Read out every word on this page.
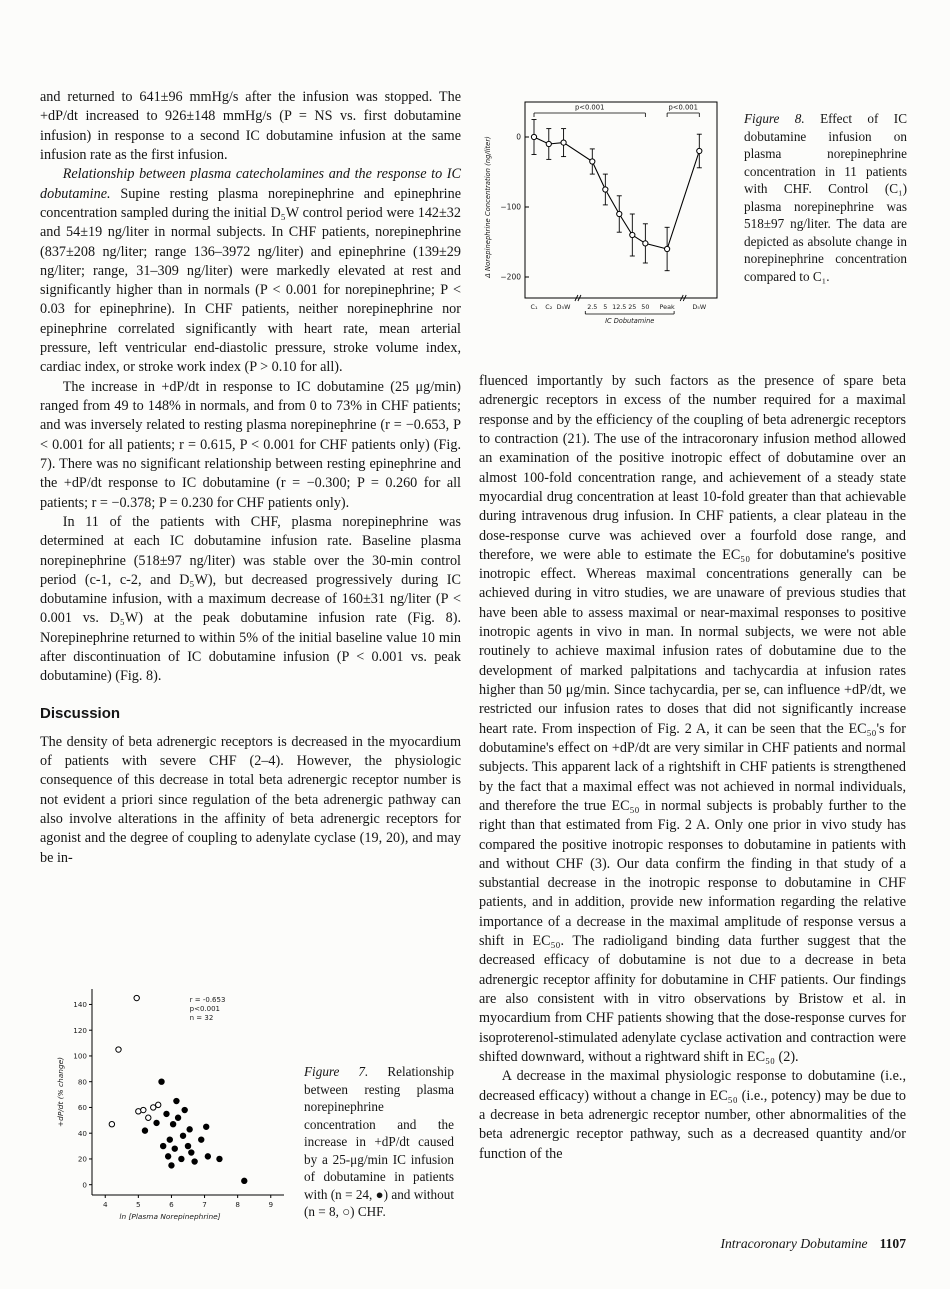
and returned to 641±96 mmHg/s after the infusion was stopped. The +dP/dt increased to 926±148 mmHg/s (P = NS vs. first dobutamine infusion) in response to a second IC dobutamine infusion at the same infusion rate as the first infusion.

Relationship between plasma catecholamines and the response to IC dobutamine. Supine resting plasma norepinephrine and epinephrine concentration sampled during the initial D₅W control period were 142±32 and 54±19 ng/liter in normal subjects. In CHF patients, norepinephrine (837±208 ng/liter; range 136–3972 ng/liter) and epinephrine (139±29 ng/liter; range, 31–309 ng/liter) were markedly elevated at rest and significantly higher than in normals (P < 0.001 for norepinephrine; P < 0.03 for epinephrine). In CHF patients, neither norepinephrine nor epinephrine correlated significantly with heart rate, mean arterial pressure, left ventricular end-diastolic pressure, stroke volume index, cardiac index, or stroke work index (P > 0.10 for all).

The increase in +dP/dt in response to IC dobutamine (25 μg/min) ranged from 49 to 148% in normals, and from 0 to 73% in CHF patients; and was inversely related to resting plasma norepinephrine (r = −0.653, P < 0.001 for all patients; r = 0.615, P < 0.001 for CHF patients only) (Fig. 7). There was no significant relationship between resting epinephrine and the +dP/dt response to IC dobutamine (r = −0.300; P = 0.260 for all patients; r = −0.378; P = 0.230 for CHF patients only).

In 11 of the patients with CHF, plasma norepinephrine was determined at each IC dobutamine infusion rate. Baseline plasma norepinephrine (518±97 ng/liter) was stable over the 30-min control period (c-1, c-2, and D₅W), but decreased progressively during IC dobutamine infusion, with a maximum decrease of 160±31 ng/liter (P < 0.001 vs. D₅W) at the peak dobutamine infusion rate (Fig. 8). Norepinephrine returned to within 5% of the initial baseline value 10 min after discontinuation of IC dobutamine infusion (P < 0.001 vs. peak dobutamine) (Fig. 8).

Discussion

The density of beta adrenergic receptors is decreased in the myocardium of patients with severe CHF (2–4). However, the physiologic consequence of this decrease in total beta adrenergic receptor number is not evident a priori since regulation of the beta adrenergic pathway can also involve alterations in the affinity of beta adrenergic receptors for agonist and the degree of coupling to adenylate cyclase (19, 20), and may be in-

0
−100
−200
Δ Norepinephrine Concentration (ng/liter)
p<0.001	p<0.001
C₁ C₂ D₅W	2.5 5 12.5 25 50 Peak	D₅W
IC Dobutamine
Figure 8. Effect of IC dobutamine infusion on plasma norepinephrine concentration in 11 patients with CHF. Control (C₁) plasma norepinephrine was 518±97 ng/liter. The data are depicted as absolute change in norepinephrine concentration compared to C₁.

fluenced importantly by such factors as the presence of spare beta adrenergic receptors in excess of the number required for a maximal response and by the efficiency of the coupling of beta adrenergic receptors to contraction (21). The use of the intracoronary infusion method allowed an examination of the positive inotropic effect of dobutamine over an almost 100-fold concentration range, and achievement of a steady state myocardial drug concentration at least 10-fold greater than that achievable during intravenous drug infusion. In CHF patients, a clear plateau in the dose-response curve was achieved over a fourfold dose range, and therefore, we were able to estimate the EC₅₀ for dobutamine's positive inotropic effect. Whereas maximal concentrations generally can be achieved during in vitro studies, we are unaware of previous studies that have been able to assess maximal or near-maximal responses to positive inotropic agents in vivo in man. In normal subjects, we were not able routinely to achieve maximal infusion rates of dobutamine due to the development of marked palpitations and tachycardia at infusion rates higher than 50 μg/min. Since tachycardia, per se, can influence +dP/dt, we restricted our infusion rates to doses that did not significantly increase heart rate. From inspection of Fig. 2 A, it can be seen that the EC₅₀'s for dobutamine's effect on +dP/dt are very similar in CHF patients and normal subjects. This apparent lack of a rightshift in CHF patients is strengthened by the fact that a maximal effect was not achieved in normal individuals, and therefore the true EC₅₀ in normal subjects is probably further to the right than that estimated from Fig. 2 A. Only one prior in vivo study has compared the positive inotropic responses to dobutamine in patients with and without CHF (3). Our data confirm the finding in that study of a substantial decrease in the inotropic response to dobutamine in CHF patients, and in addition, provide new information regarding the relative importance of a decrease in the maximal amplitude of response versus a shift in EC₅₀. The radioligand binding data further suggest that the decreased efficacy of dobutamine is not due to a decrease in beta adrenergic receptor affinity for dobutamine in CHF patients. Our findings are also consistent with in vitro observations by Bristow et al. in myocardium from CHF patients showing that the dose-response curves for isoproterenol-stimulated adenylate cyclase activation and contraction were shifted downward, without a rightward shift in EC₅₀ (2).

A decrease in the maximal physiologic response to dobutamine (i.e., decreased efficacy) without a change in EC₅₀ (i.e., potency) may be due to a decrease in beta adrenergic receptor number, other abnormalities of the beta adrenergic receptor pathway, such as a decreased quantity and/or function of the

0
20
40
60
80
100
120
140
4	5	6	7	8	9
ln [Plasma Norepinephrine]
+dP/dt (% change)
r = -0.653
p<0.001
n = 32
Figure 7. Relationship between resting plasma norepinephrine concentration and the increase in +dP/dt caused by a 25-μg/min IC infusion of dobutamine in patients with (n = 24, ●) and without (n = 8, ○) CHF.
Intracoronary Dobutamine 1107
